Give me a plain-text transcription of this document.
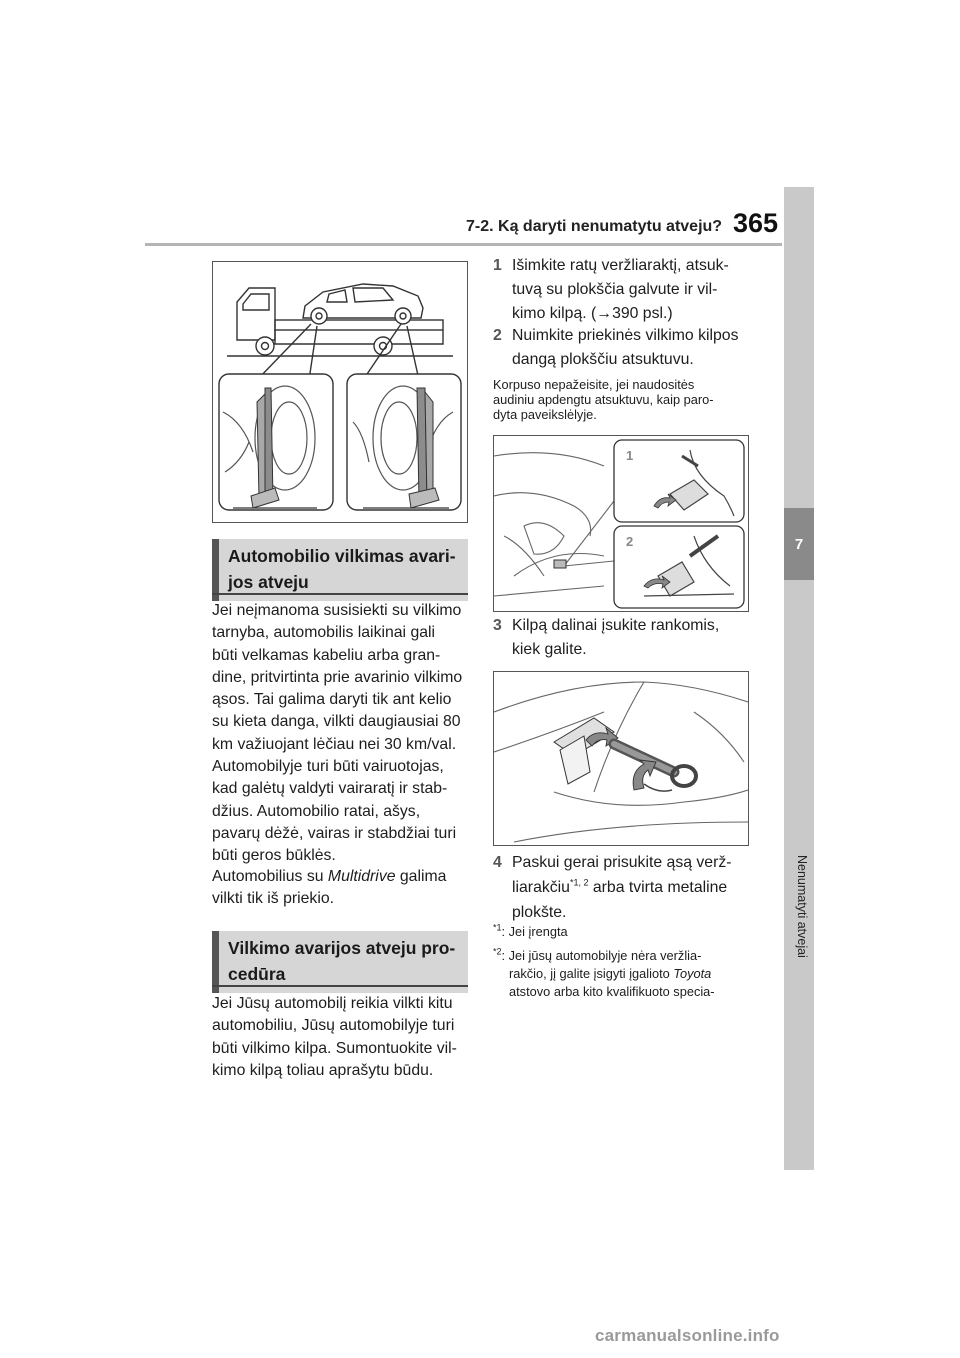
7-2. Ką daryti nenumatytu atveju? 365
7
Nenumatyti atvejai
Automobilio vilkimas avari-
jos atveju
Jei neįmanoma susisiekti su vilkimo
tarnyba, automobilis laikinai gali
būti velkamas kabeliu arba gran-
dine, pritvirtinta prie avarinio vilkimo
ąsos. Tai galima daryti tik ant kelio
su kieta danga, vilkti daugiausiai 80
km važiuojant lėčiau nei 30 km/val.
Automobilyje turi būti vairuotojas,
kad galėtų valdyti vairaratį ir stab-
džius. Automobilio ratai, ašys,
pavarų dėžė, vairas ir stabdžiai turi
būti geros būklės.
Automobilius su Multidrive galima
vilkti tik iš priekio.
Vilkimo avarijos atveju pro-
cedūra
Jei Jūsų automobilį reikia vilkti kitu
automobiliu, Jūsų automobilyje turi
būti vilkimo kilpa. Sumontuokite vil-
kimo kilpą toliau aprašytu būdu.
1 Išimkite ratų veržliaraktį, atsuk-
tuvą su plokščia galvute ir vil-
kimo kilpą. (→390 psl.)
2 Nuimkite priekinės vilkimo kilpos
dangą plokščiu atsuktuvu.
Korpuso nepažeisite, jei naudositės
audiniu apdengtu atsuktuvu, kaip paro-
dyta paveikslėlyje.
1
2
3 Kilpą dalinai įsukite rankomis,
kiek galite.
4 Paskui gerai prisukite ąsą verž-
liarakčiu$^{*1, 2}$ arba tvirta metaline
plokšte.
$^{*1}$: Jei įrengta
$^{*2}$: Jei jūsų automobilyje nėra veržlia-
rakčio, jį galite įsigyti įgalioto Toyota
atstovo arba kito kvalifikuoto specia-
carmanualsonline.info
